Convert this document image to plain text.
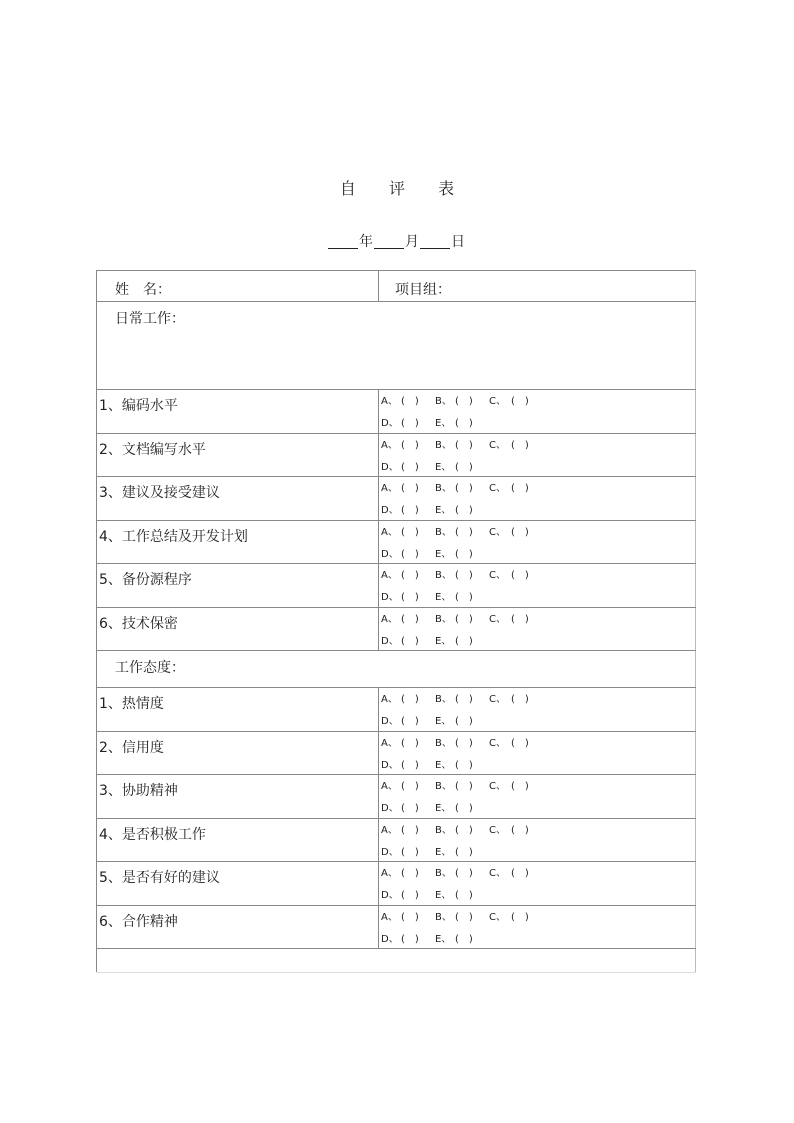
自 评 表
年 月 日
姓　名：	项目组：
日常工作：
1、编码水平	A、 (　) B、 (　) C、 (　)
D、 (　) E、 (　)
2、文档编写水平	A、 (　) B、 (　) C、 (　)
D、 (　) E、 (　)
3、建议及接受建议	A、 (　) B、 (　) C、 (　)
D、 (　) E、 (　)
4、工作总结及开发计划	A、 (　) B、 (　) C、 (　)
D、 (　) E、 (　)
5、备份源程序	A、 (　) B、 (　) C、 (　)
D、 (　) E、 (　)
6、技术保密	A、 (　) B、 (　) C、 (　)
D、 (　) E、 (　)
工作态度：
1、热情度	A、 (　) B、 (　) C、 (　)
D、 (　) E、 (　)
2、信用度	A、 (　) B、 (　) C、 (　)
D、 (　) E、 (　)
3、协助精神	A、 (　) B、 (　) C、 (　)
D、 (　) E、 (　)
4、是否积极工作	A、 (　) B、 (　) C、 (　)
D、 (　) E、 (　)
5、是否有好的建议	A、 (　) B、 (　) C、 (　)
D、 (　) E、 (　)
6、合作精神	A、 (　) B、 (　) C、 (　)
D、 (　) E、 (　)
